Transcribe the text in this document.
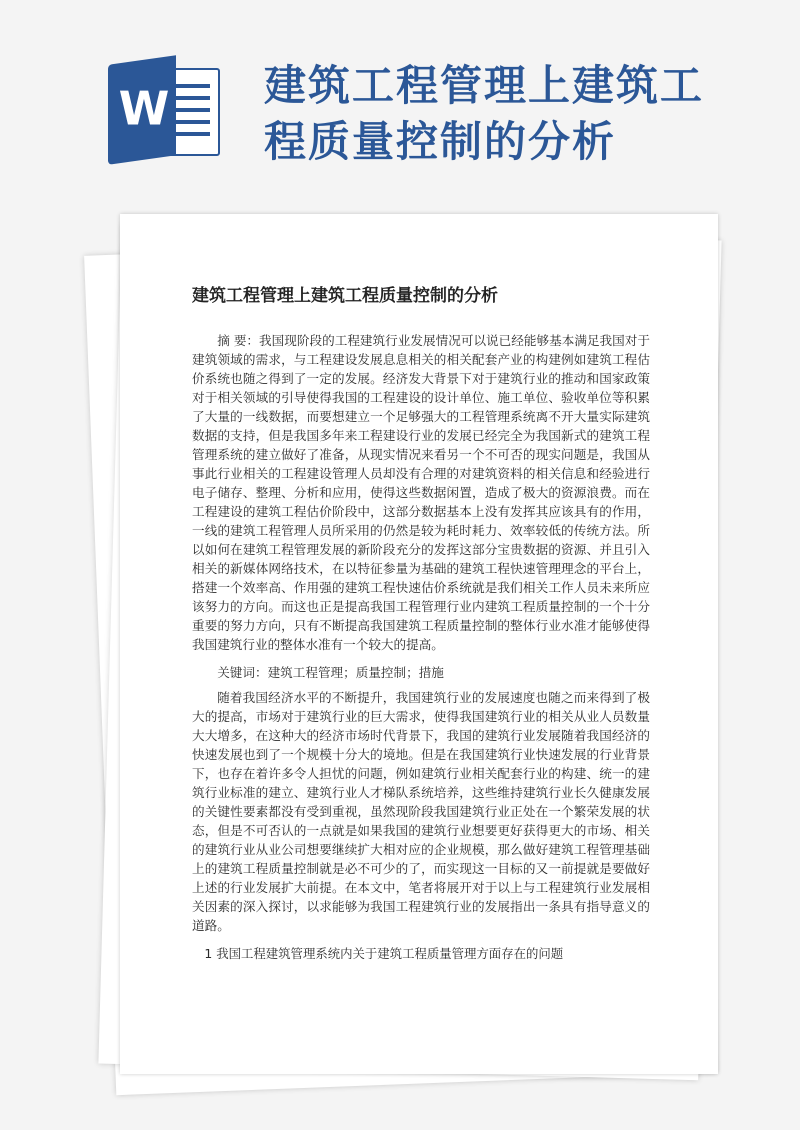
W 建筑工程管理上建筑工程质量控制的分析
建筑工程管理上建筑工程质量控制的分析

摘 要：我国现阶段的工程建筑行业发展情况可以说已经能够基本满足我国对于建筑领域的需求，与工程建设发展息息相关的相关配套产业的构建例如建筑工程估价系统也随之得到了一定的发展。经济发大背景下对于建筑行业的推动和国家政策对于相关领域的引导使得我国的工程建设的设计单位、施工单位、验收单位等积累了大量的一线数据，而要想建立一个足够强大的工程管理系统离不开大量实际建筑数据的支持，但是我国多年来工程建设行业的发展已经完全为我国新式的建筑工程管理系统的建立做好了准备，从现实情况来看另一个不可否的现实问题是，我国从事此行业相关的工程建设管理人员却没有合理的对建筑资料的相关信息和经验进行电子储存、整理、分析和应用，使得这些数据闲置，造成了极大的资源浪费。而在工程建设的建筑工程估价阶段中，这部分数据基本上没有发挥其应该具有的作用，一线的建筑工程管理人员所采用的仍然是较为耗时耗力、效率较低的传统方法。所以如何在建筑工程管理发展的新阶段充分的发挥这部分宝贵数据的资源、并且引入相关的新媒体网络技术，在以特征参量为基础的建筑工程快速管理理念的平台上，搭建一个效率高、作用强的建筑工程快速估价系统就是我们相关工作人员未来所应该努力的方向。而这也正是提高我国工程管理行业内建筑工程质量控制的一个十分重要的努力方向，只有不断提高我国建筑工程质量控制的整体行业水准才能够使得我国建筑行业的整体水准有一个较大的提高。

关键词：建筑工程管理；质量控制；措施

随着我国经济水平的不断提升，我国建筑行业的发展速度也随之而来得到了极大的提高，市场对于建筑行业的巨大需求，使得我国建筑行业的相关从业人员数量大大增多，在这种大的经济市场时代背景下，我国的建筑行业发展随着我国经济的快速发展也到了一个规模十分大的境地。但是在我国建筑行业快速发展的行业背景下，也存在着许多令人担忧的问题，例如建筑行业相关配套行业的构建、统一的建筑行业标准的建立、建筑行业人才梯队系统培养，这些维持建筑行业长久健康发展的关键性要素都没有受到重视，虽然现阶段我国建筑行业正处在一个繁荣发展的状态，但是不可否认的一点就是如果我国的建筑行业想要更好获得更大的市场、相关的建筑行业从业公司想要继续扩大相对应的企业规模，那么做好建筑工程管理基础上的建筑工程质量控制就是必不可少的了，而实现这一目标的又一前提就是要做好上述的行业发展扩大前提。在本文中，笔者将展开对于以上与工程建筑行业发展相关因素的深入探讨，以求能够为我国工程建筑行业的发展指出一条具有指导意义的道路。

1 我国工程建筑管理系统内关于建筑工程质量管理方面存在的问题
